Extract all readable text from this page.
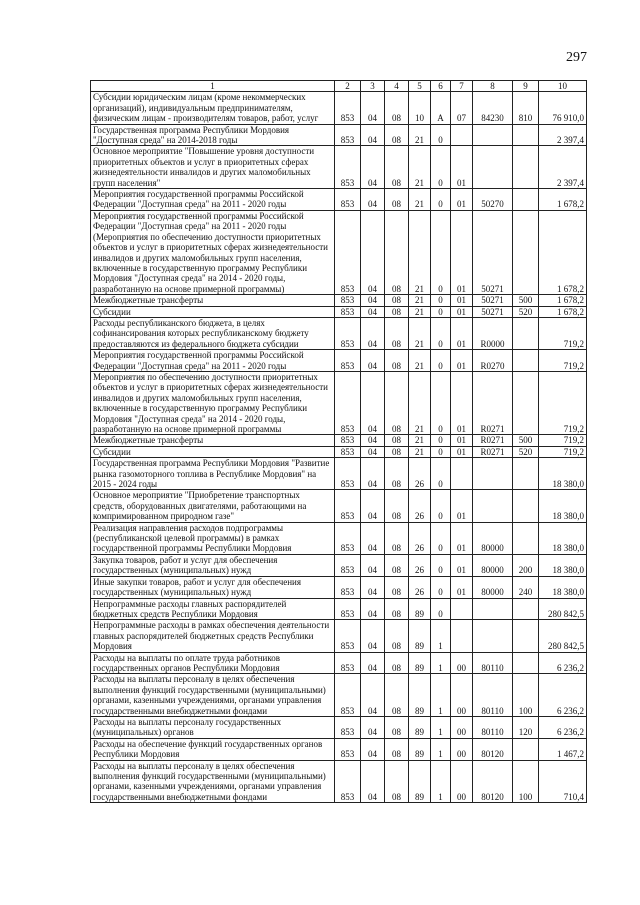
297
1	2	3	4	5	6	7	8	9	10
Субсидии юридическим лицам (кроме некоммерческих организаций), индивидуальным предпринимателям, физическим лицам - производителям товаров, работ, услуг	853	04	08	10	А	07	84230	810	76 910,0
Государственная программа Республики Мордовия "Доступная среда" на 2014-2018 годы	853	04	08	21	0				2 397,4
Основное мероприятие "Повышение уровня доступности приоритетных объектов и услуг в приоритетных сферах жизнедеятельности инвалидов и других маломобильных групп населения"	853	04	08	21	0	01			2 397,4
Мероприятия государственной программы Российской Федерации "Доступная среда" на 2011 - 2020 годы	853	04	08	21	0	01	50270		1 678,2
Мероприятия государственной программы Российской Федерации "Доступная среда" на 2011 - 2020 годы (Мероприятия по обеспечению доступности приоритетных объектов и услуг в приоритетных сферах жизнедеятельности инвалидов и других маломобильных групп населения, включенные в государственную программу Республики Мордовия "Доступная среда" на 2014 - 2020 годы, разработанную на основе примерной программы)	853	04	08	21	0	01	50271		1 678,2
Межбюджетные трансферты	853	04	08	21	0	01	50271	500	1 678,2
Субсидии	853	04	08	21	0	01	50271	520	1 678,2
Расходы республиканского бюджета, в целях софинансирования которых республиканскому бюджету предоставляются из федерального бюджета субсидии	853	04	08	21	0	01	R0000		719,2
Мероприятия государственной программы Российской Федерации "Доступная среда" на 2011 - 2020 годы	853	04	08	21	0	01	R0270		719,2
Мероприятия по обеспечению доступности приоритетных объектов и услуг в приоритетных сферах жизнедеятельности инвалидов и других маломобильных групп населения, включенные в государственную программу Республики Мордовия "Доступная среда" на 2014 - 2020 годы, разработанную на основе примерной программы	853	04	08	21	0	01	R0271		719,2
Межбюджетные трансферты	853	04	08	21	0	01	R0271	500	719,2
Субсидии	853	04	08	21	0	01	R0271	520	719,2
Государственная программа Республики Мордовия "Развитие рынка газомоторного топлива в Республике Мордовия" на 2015 - 2024 годы	853	04	08	26	0				18 380,0
Основное мероприятие "Приобретение транспортных средств, оборудованных двигателями, работающими на компримированном природном газе"	853	04	08	26	0	01			18 380,0
Реализация направления расходов подпрограммы (республиканской целевой программы) в рамках государственной программы Республики Мордовия	853	04	08	26	0	01	80000		18 380,0
Закупка товаров, работ и услуг для обеспечения государственных (муниципальных) нужд	853	04	08	26	0	01	80000	200	18 380,0
Иные закупки товаров, работ и услуг для обеспечения государственных (муниципальных) нужд	853	04	08	26	0	01	80000	240	18 380,0
Непрограммные расходы главных распорядителей бюджетных средств Республики Мордовия	853	04	08	89	0				280 842,5
Непрограммные расходы в рамках обеспечения деятельности главных распорядителей бюджетных средств Республики Мордовия	853	04	08	89	1				280 842,5
Расходы на выплаты по оплате труда работников государственных органов Республики Мордовия	853	04	08	89	1	00	80110		6 236,2
Расходы на выплаты персоналу в целях обеспечения выполнения функций государственными (муниципальными) органами, казенными учреждениями, органами управления государственными внебюджетными фондами	853	04	08	89	1	00	80110	100	6 236,2
Расходы на выплаты персоналу государственных (муниципальных) органов	853	04	08	89	1	00	80110	120	6 236,2
Расходы на обеспечение функций государственных органов Республики Мордовия	853	04	08	89	1	00	80120		1 467,2
Расходы на выплаты персоналу в целях обеспечения выполнения функций государственными (муниципальными) органами, казенными учреждениями, органами управления государственными внебюджетными фондами	853	04	08	89	1	00	80120	100	710,4
